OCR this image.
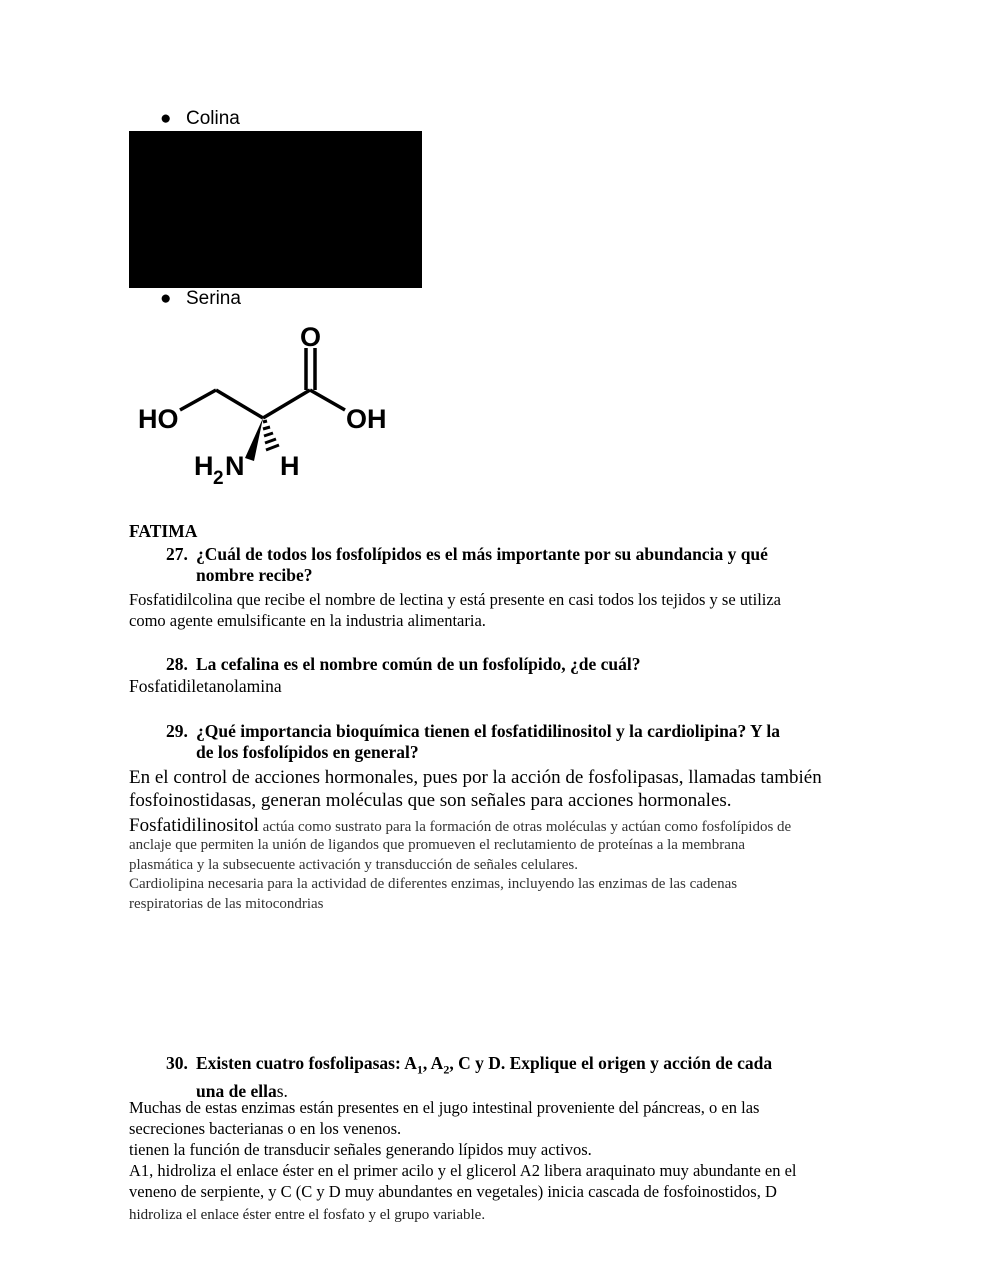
● Colina
● Serina
O
OH
HO
H 2 N H
FATIMA
27. ¿Cuál de todos los fosfolípidos es el más importante por su abundancia y qué
nombre recibe?
Fosfatidilcolina que recibe el nombre de lectina y está presente en casi todos los tejidos y se utiliza
como agente emulsificante en la industria alimentaria.
28. La cefalina es el nombre común de un fosfolípido, ¿de cuál?
Fosfatidiletanolamina
29. ¿Qué importancia bioquímica tienen el fosfatidilinositol y la cardiolipina? Y la
de los fosfolípidos en general?
En el control de acciones hormonales, pues por la acción de fosfolipasas, llamadas también
fosfoinostidasas, generan moléculas que son señales para acciones hormonales.
Fosfatidilinositol actúa como sustrato para la formación de otras moléculas y actúan como fosfolípidos de
anclaje que permiten la unión de ligandos que promueven el reclutamiento de proteínas a la membrana
plasmática y la subsecuente activación y transducción de señales celulares.
Cardiolipina necesaria para la actividad de diferentes enzimas, incluyendo las enzimas de las cadenas
respiratorias de las mitocondrias
30. Existen cuatro fosfolipasas: $A_1$, $A_2$, C y D. Explique el origen y acción de cada
una de ellas.
Muchas de estas enzimas están presentes en el jugo intestinal proveniente del páncreas, o en las
secreciones bacterianas o en los venenos.
tienen la función de transducir señales generando lípidos muy activos.
A1, hidroliza el enlace éster en el primer acilo y el glicerol A2 libera araquinato muy abundante en el
veneno de serpiente, y C (C y D muy abundantes en vegetales) inicia cascada de fosfoinostidos, D
hidroliza el enlace éster entre el fosfato y el grupo variable.
